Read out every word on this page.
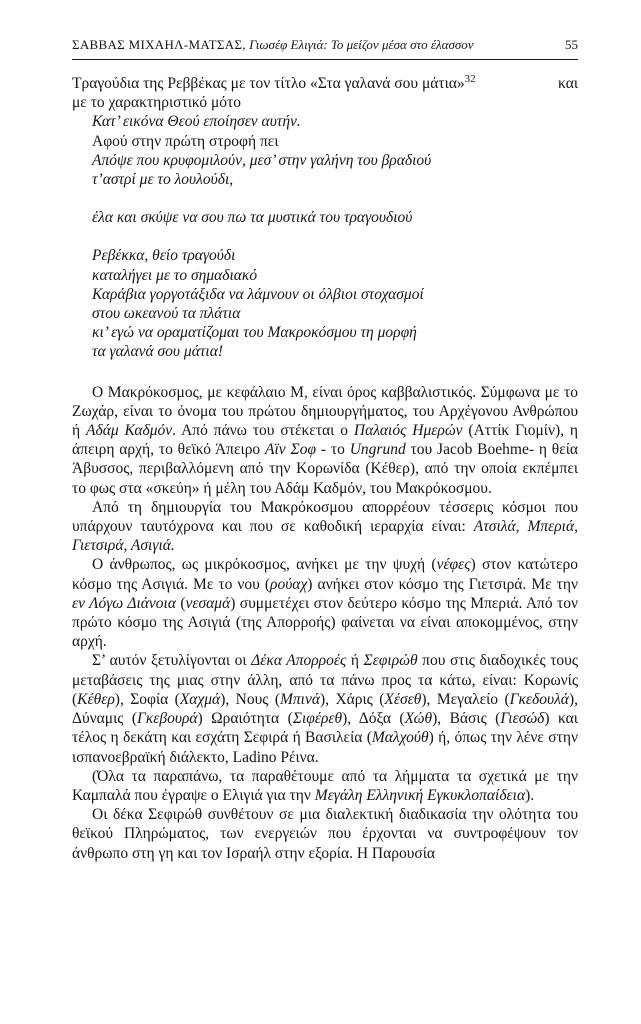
ΣΑΒΒΑΣ ΜΙΧΑΗΛ-ΜΑΤΣΑΣ, Γιωσέφ Ελιγιά: Το μείζον μέσα στο έλασσον	55
Τραγούδια της Ρεββέκας με τον τίτλο «Στα γαλανά σου μάτια»$^{32}$	και
με το χαρακτηριστικό μότο
Κατ’ εικόνα Θεού εποίησεν αυτήν.
Αφού στην πρώτη στροφή πει
Απόψε που κρυφομιλούν, μεσ’ στην γαλήνη του βραδιού
τ’αστρί με το λουλούδι,
έλα και σκύψε να σου πω τα μυστικά του τραγουδιού
Ρεβέκκα, θείο τραγούδι
καταλήγει με το σημαδιακό
Καράβια γοργοτάξιδα να λάμνουν οι όλβιοι στοχασμοί
στου ωκεανού τα πλάτια
κι’ εγώ να οραματίζομαι του Μακροκόσμου τη μορφή
τα γαλανά σου μάτια!

Ο Μακρόκοσμος, με κεφάλαιο Μ, είναι όρος καββαλιστικός. Σύμφωνα με το Ζωχάρ, είναι το όνομα του πρώτου δημιουργήματος, του Αρχέγονου Ανθρώπου ή Αδάμ Καδμόν. Από πάνω του στέκεται ο Παλαιός Ημερών (Αττίκ Γιομίν), η άπειρη αρχή, το θεϊκό Άπειρο Αϊν Σοφ - το Ungrund του Jacob Boehme- η θεία Άβυσσος, περιβαλλόμενη από την Κορωνίδα (Κέθερ), από την οποία εκπέμπει το φως στα «σκεύη» ή μέλη του Αδάμ Καδμόν, του Μακρόκοσμου.

Από τη δημιουργία του Μακρόκοσμου απορρέουν τέσσερις κόσμοι που υπάρχουν ταυτόχρονα και που σε καθοδική ιεραρχία είναι: Ατσιλά, Μπεριά, Γιετσιρά, Ασιγιά.

Ο άνθρωπος, ως μικρόκοσμος, ανήκει με την ψυχή (νέφες) στον κατώτερο κόσμο της Ασιγιά. Με το νου (ρούαχ) ανήκει στον κόσμο της Γιετσιρά. Με την εν Λόγω Διάνοια (νεσαμά) συμμετέχει στον δεύτερο κόσμο της Μπεριά. Από τον πρώτο κόσμο της Ασιγιά (της Απορροής) φαίνεται να είναι αποκομμένος, στην αρχή.

Σ’ αυτόν ξετυλίγονται οι Δέκα Απορροές ή Σεφιρώθ που στις διαδοχικές τους μεταβάσεις της μιας στην άλλη, από τα πάνω προς τα κάτω, είναι: Κορωνίς (Κέθερ), Σοφία (Χαχμά), Νους (Μπινά), Χάρις (Χέσεθ), Μεγαλείο (Γκεδουλά), Δύναμις (Γκεβουρά) Ωραιότητα (Σιφέρεθ), Δόξα (Χώθ), Βάσις (Γιεσώδ) και τέλος η δεκάτη και εσχάτη Σεφιρά ή Βασιλεία (Μαλχούθ) ή, όπως την λένε στην ισπανοεβραϊκή διάλεκτο, Ladino Ρέινα.

(Όλα τα παραπάνω, τα παραθέτουμε από τα λήμματα τα σχετικά με την Καμπαλά που έγραψε ο Ελιγιά για την Μεγάλη Ελληνική Εγκυκλοπαίδεια).

Οι δέκα Σεφιρώθ συνθέτουν σε μια διαλεκτική διαδικασία την ολότητα του θεϊκού Πληρώματος, των ενεργειών που έρχονται να συντροφέψουν τον άνθρωπο στη γη και τον Ισραήλ στην εξορία. Η Παρουσία
